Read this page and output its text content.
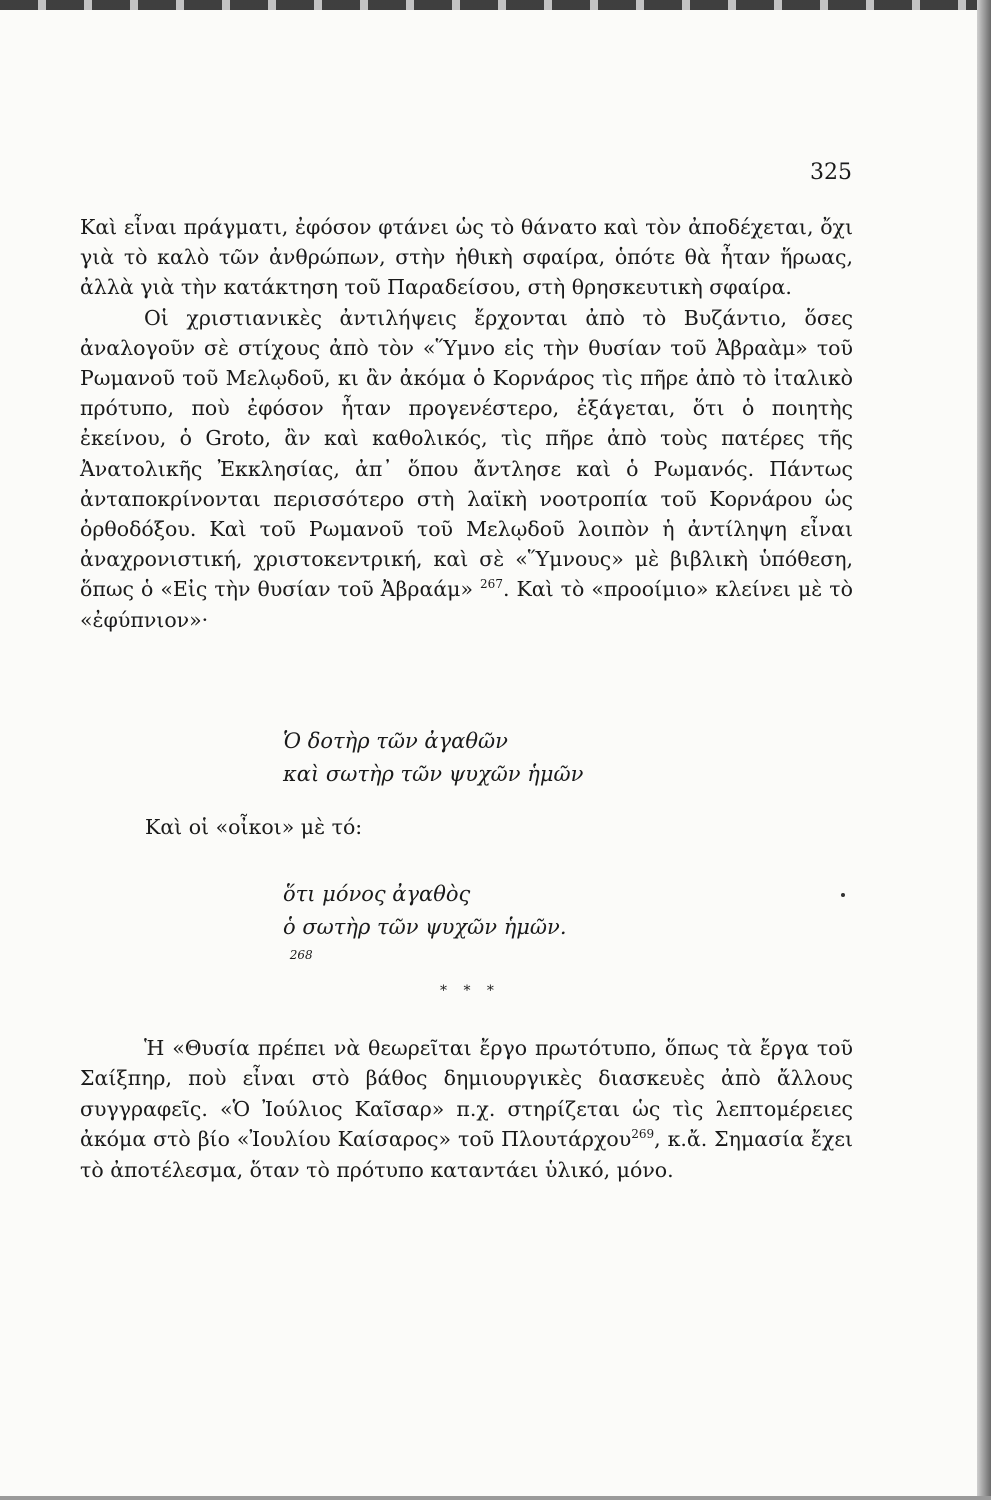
325

Καὶ εἶναι πράγματι, ἐφόσον φτάνει ὡς τὸ θάνατο καὶ τὸν ἀποδέχεται, ὄχι γιὰ τὸ καλὸ τῶν ἀνθρώπων, στὴν ἠθικὴ σφαίρα, ὁπότε θὰ ἦταν ἥρωας, ἀλλὰ γιὰ τὴν κατάκτηση τοῦ Παραδείσου, στὴ θρησκευτικὴ σφαίρα.

Οἱ χριστιανικὲς ἀντιλήψεις ἔρχονται ἀπὸ τὸ Βυζάντιο, ὅσες ἀναλογοῦν σὲ στίχους ἀπὸ τὸν «Ὕμνο εἰς τὴν θυσίαν τοῦ Ἀβραὰμ» τοῦ Ρωμανοῦ τοῦ Μελῳδοῦ, κι ἂν ἀκόμα ὁ Κορνάρος τὶς πῆρε ἀπὸ τὸ ἰταλικὸ πρότυπο, ποὺ ἐφόσον ἦταν προγενέστερο, ἐξάγεται, ὅτι ὁ ποιητὴς ἐκείνου, ὁ Groto, ἂν καὶ καθολικός, τὶς πῆρε ἀπὸ τοὺς πατέρες τῆς Ἀνατολικῆς Ἐκκλησίας, ἀπ᾿ ὅπου ἄντλησε καὶ ὁ Ρωμανός. Πάντως ἀνταποκρίνονται περισσότερο στὴ λαϊκὴ νοοτροπία τοῦ Κορνάρου ὡς ὀρθοδόξου. Καὶ τοῦ Ρωμανοῦ τοῦ Μελῳδοῦ λοιπὸν ἡ ἀντίληψη εἶναι ἀναχρονιστική, χριστοκεντρική, καὶ σὲ «Ὕμνους» μὲ βιβλικὴ ὑπόθεση, ὅπως ὁ «Εἰς τὴν θυσίαν τοῦ Ἀβραάμ» $^{267}$. Καὶ τὸ «προοίμιο» κλείνει μὲ τὸ «ἐφύπνιον»·

Ὁ δοτὴρ τῶν ἀγαθῶν
καὶ σωτὴρ τῶν ψυχῶν ἡμῶν
Καὶ οἱ «οἶκοι» μὲ τό:
ὅτι μόνος ἀγαθὸς
ὁ σωτὴρ τῶν ψυχῶν ἡμῶν.
$^{268}$
* * *

Ἡ «Θυσία πρέπει νὰ θεωρεῖται ἔργο πρωτότυπο, ὅπως τὰ ἔργα τοῦ Σαίξπηρ, ποὺ εἶναι στὸ βάθος δημιουργικὲς διασκευὲς ἀπὸ ἄλλους συγγραφεῖς. «Ὁ Ἰούλιος Καῖσαρ» π.χ. στηρίζεται ὡς τὶς λεπτομέρειες ἀκόμα στὸ βίο «Ἰουλίου Καίσαρος» τοῦ Πλουτάρχου$^{269}$, κ.ἄ. Σημασία ἔχει τὸ ἀποτέλεσμα, ὅταν τὸ πρότυπο καταντάει ὑλικό, μόνο.
